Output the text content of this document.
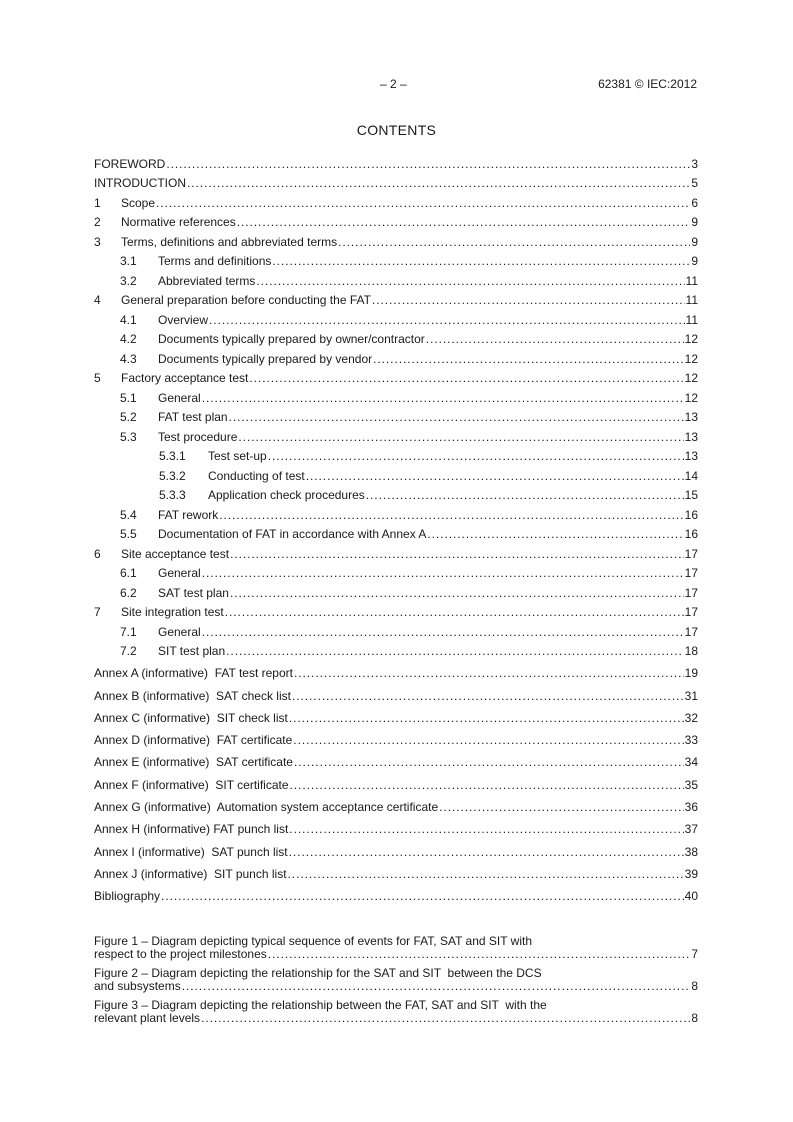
– 2 –	62381 © IEC:2012
CONTENTS
FOREWORD . . .	3
INTRODUCTION . . .	5
1	Scope . . .	6
2	Normative references . . .	9
3	Terms, definitions and abbreviated terms . . .	9
3.1	Terms and definitions . . .	9
3.2	Abbreviated terms . . .	11
4	General preparation before conducting the FAT . . .	11
4.1	Overview . . .	11
4.2	Documents typically prepared by owner/contractor . . .	12
4.3	Documents typically prepared by vendor . . .	12
5	Factory acceptance test . . .	12
5.1	General . . .	12
5.2	FAT test plan . . .	13
5.3	Test procedure . . .	13
5.3.1	Test set-up . . .	13
5.3.2	Conducting of test . . .	14
5.3.3	Application check procedures . . .	15
5.4	FAT rework . . .	16
5.5	Documentation of FAT in accordance with Annex A . . .	16
6	Site acceptance test . . .	17
6.1	General . . .	17
6.2	SAT test plan . . .	17
7	Site integration test . . .	17
7.1	General . . .	17
7.2	SIT test plan . . .	18
Annex A (informative)  FAT test report . . .	19
Annex B (informative)  SAT check list . . .	31
Annex C (informative)  SIT check list . . .	32
Annex D (informative)  FAT certificate . . .	33
Annex E (informative)  SAT certificate . . .	34
Annex F (informative)  SIT certificate . . .	35
Annex G (informative)  Automation system acceptance certificate . . .	36
Annex H (informative) FAT punch list . . .	37
Annex I (informative)  SAT punch list . . .	38
Annex J (informative)  SIT punch list . . .	39
Bibliography . . .	40
Figure 1 – Diagram depicting typical sequence of events for FAT, SAT and SIT with
respect to the project milestones . . .	7
Figure 2 – Diagram depicting the relationship for the SAT and SIT  between the DCS
and subsystems . . .	8
Figure 3 – Diagram depicting the relationship between the FAT, SAT and SIT  with the
relevant plant levels . . .	8
